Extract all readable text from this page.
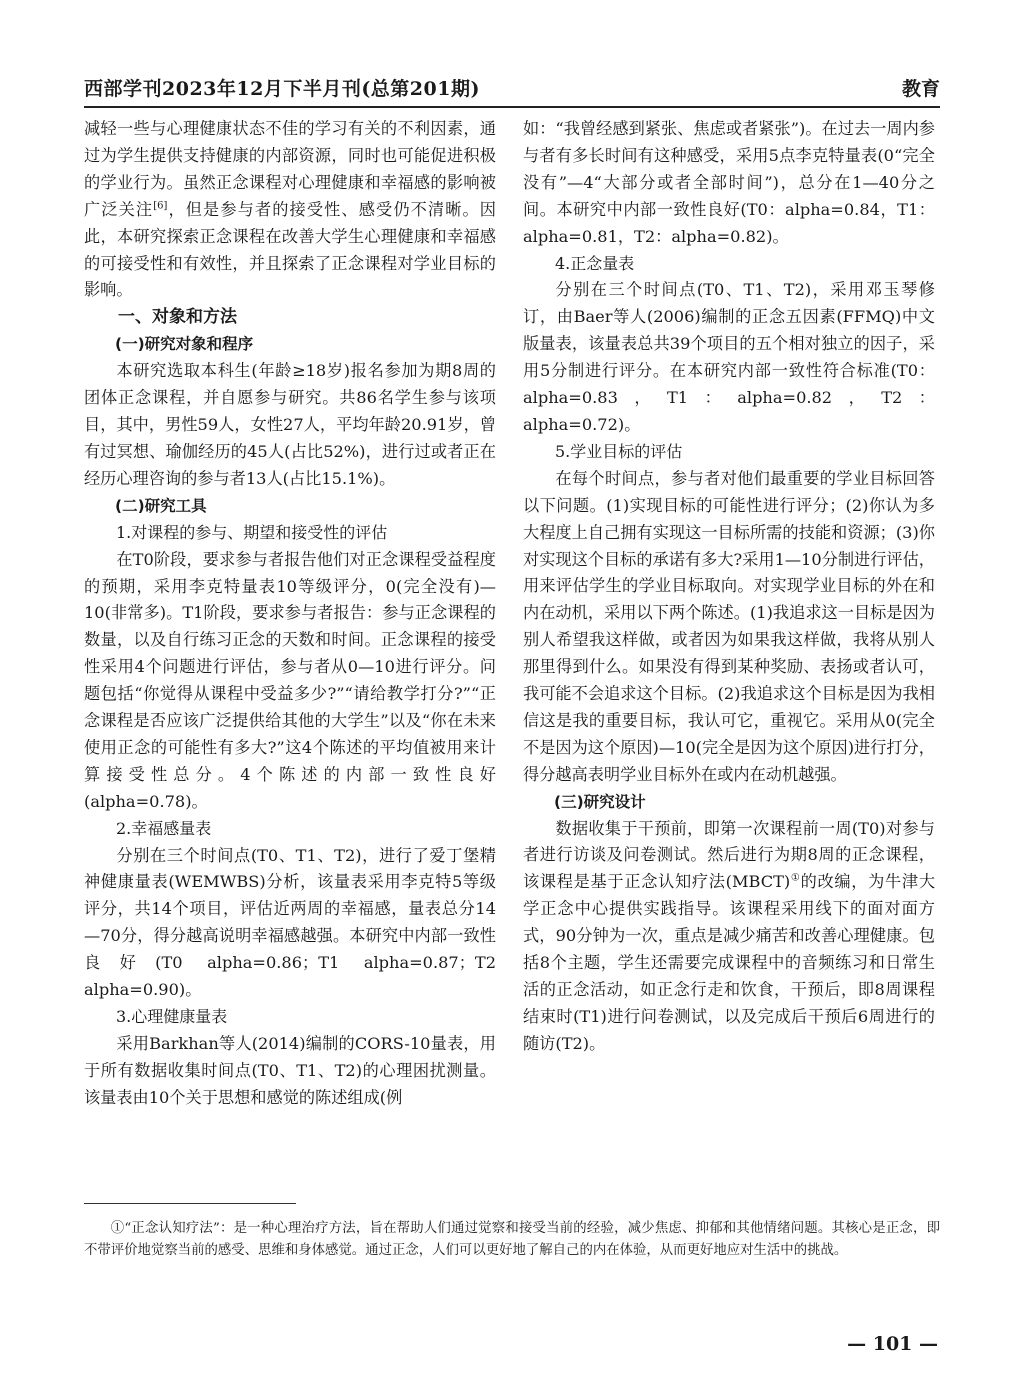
西部学刊2023年12月下半月刊(总第201期)	教育

减轻一些与心理健康状态不佳的学习有关的不利因素，通过为学生提供支持健康的内部资源，同时也可能促进积极的学业行为。虽然正念课程对心理健康和幸福感的影响被广泛关注[6]，但是参与者的接受性、感受仍不清晰。因此，本研究探索正念课程在改善大学生心理健康和幸福感的可接受性和有效性，并且探索了正念课程对学业目标的影响。

一、对象和方法
(一)研究对象和程序

本研究选取本科生(年龄≥18岁)报名参加为期8周的团体正念课程，并自愿参与研究。共86名学生参与该项目，其中，男性59人，女性27人，平均年龄20.91岁，曾有过冥想、瑜伽经历的45人(占比52%)，进行过或者正在经历心理咨询的参与者13人(占比15.1%)。

(二)研究工具
1.对课程的参与、期望和接受性的评估

在T0阶段，要求参与者报告他们对正念课程受益程度的预期，采用李克特量表10等级评分，0(完全没有)—10(非常多)。T1阶段，要求参与者报告：参与正念课程的数量，以及自行练习正念的天数和时间。正念课程的接受性采用4个问题进行评估，参与者从0—10进行评分。问题包括“你觉得从课程中受益多少?”“请给教学打分?”“正念课程是否应该广泛提供给其他的大学生”以及“你在未来使用正念的可能性有多大?”这4个陈述的平均值被用来计算接受性总分。4个陈述的内部一致性良好(alpha=0.78)。

2.幸福感量表

分别在三个时间点(T0、T1、T2)，进行了爱丁堡精神健康量表(WEMWBS)分析，该量表采用李克特5等级评分，共14个项目，评估近两周的幸福感，量表总分14—70分，得分越高说明幸福感越强。本研究中内部一致性良好(T0 alpha=0.86；T1 alpha=0.87；T2 alpha=0.90)。

3.心理健康量表

采用Barkhan等人(2014)编制的CORS-10量表，用于所有数据收集时间点(T0、T1、T2)的心理困扰测量。该量表由10个关于思想和感觉的陈述组成(例

如：“我曾经感到紧张、焦虑或者紧张”)。在过去一周内参与者有多长时间有这种感受，采用5点李克特量表(0“完全没有”—4“大部分或者全部时间”)，总分在1—40分之间。本研究中内部一致性良好(T0：alpha=0.84，T1：alpha=0.81，T2：alpha=0.82)。

4.正念量表

分别在三个时间点(T0、T1、T2)，采用邓玉琴修订，由Baer等人(2006)编制的正念五因素(FFMQ)中文版量表，该量表总共39个项目的五个相对独立的因子，采用5分制进行评分。在本研究内部一致性符合标准(T0：alpha=0.83，T1：alpha=0.82，T2：alpha=0.72)。

5.学业目标的评估

在每个时间点，参与者对他们最重要的学业目标回答以下问题。(1)实现目标的可能性进行评分；(2)你认为多大程度上自己拥有实现这一目标所需的技能和资源；(3)你对实现这个目标的承诺有多大?采用1—10分制进行评估，用来评估学生的学业目标取向。对实现学业目标的外在和内在动机，采用以下两个陈述。(1)我追求这一目标是因为别人希望我这样做，或者因为如果我这样做，我将从别人那里得到什么。如果没有得到某种奖励、表扬或者认可，我可能不会追求这个目标。(2)我追求这个目标是因为我相信这是我的重要目标，我认可它，重视它。采用从0(完全不是因为这个原因)—10(完全是因为这个原因)进行打分，得分越高表明学业目标外在或内在动机越强。

(三)研究设计

数据收集于干预前，即第一次课程前一周(T0)对参与者进行访谈及问卷测试。然后进行为期8周的正念课程，该课程是基于正念认知疗法(MBCT)①的改编，为牛津大学正念中心提供实践指导。该课程采用线下的面对面方式，90分钟为一次，重点是减少痛苦和改善心理健康。包括8个主题，学生还需要完成课程中的音频练习和日常生活的正念活动，如正念行走和饮食，干预后，即8周课程结束时(T1)进行问卷测试，以及完成后干预后6周进行的随访(T2)。

①“正念认知疗法”：是一种心理治疗方法，旨在帮助人们通过觉察和接受当前的经验，减少焦虑、抑郁和其他情绪问题。其核心是正念，即不带评价地觉察当前的感受、思维和身体感觉。通过正念，人们可以更好地了解自己的内在体验，从而更好地应对生活中的挑战。

— 101 —
